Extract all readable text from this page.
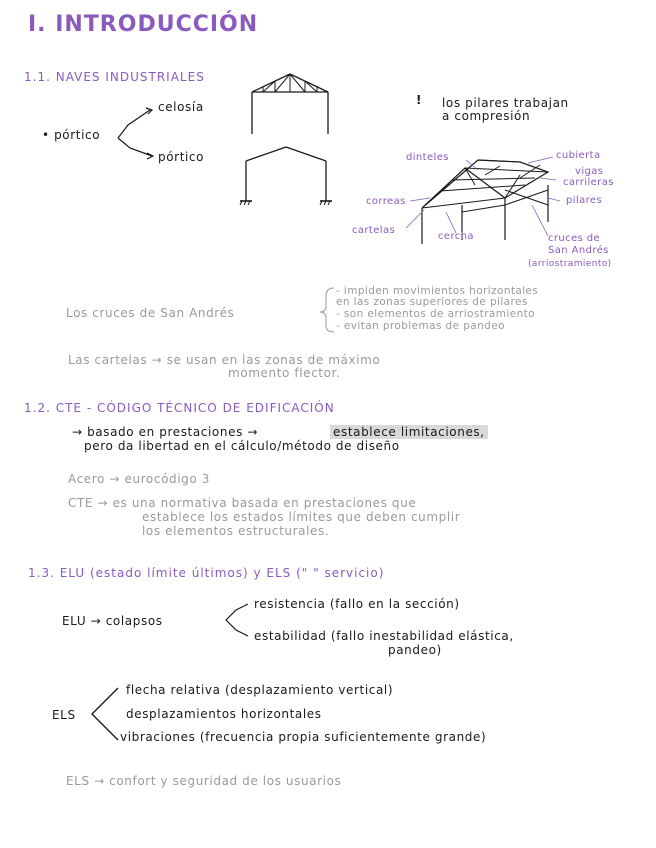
I. INTRODUCCIÓN
1.1. NAVES INDUSTRIALES
• pórtico
celosía
pórtico
! los pilares trabajan
a compresión
dinteles	cubierta
vigas
carrileras
pilares
correas
cartelas
cercha	cruces de
San Andrés
(arriostramiento)
Los cruces de San Andrés
- impiden movimientos horizontales
en las zonas superiores de pilares
- son elementos de arriostramiento
- evitan problemas de pandeo
Las cartelas → se usan en las zonas de máximo
momento flector.
1.2. CTE - CÓDIGO TÉCNICO DE EDIFICACIÓN
→ basado en prestaciones →	establece limitaciones,
pero da libertad en el cálculo/método de diseño
Acero → eurocódigo 3
CTE → es una normativa basada en prestaciones que
establece los estados límites que deben cumplir
los elementos estructurales.
1.3. ELU (estado límite últimos) y ELS (" " servicio)
ELU → colapsos
resistencia (fallo en la sección)
estabilidad (fallo inestabilidad elástica,
pandeo)
ELS
flecha relativa (desplazamiento vertical)
desplazamientos horizontales
vibraciones (frecuencia propia suficientemente grande)
ELS → confort y seguridad de los usuarios
